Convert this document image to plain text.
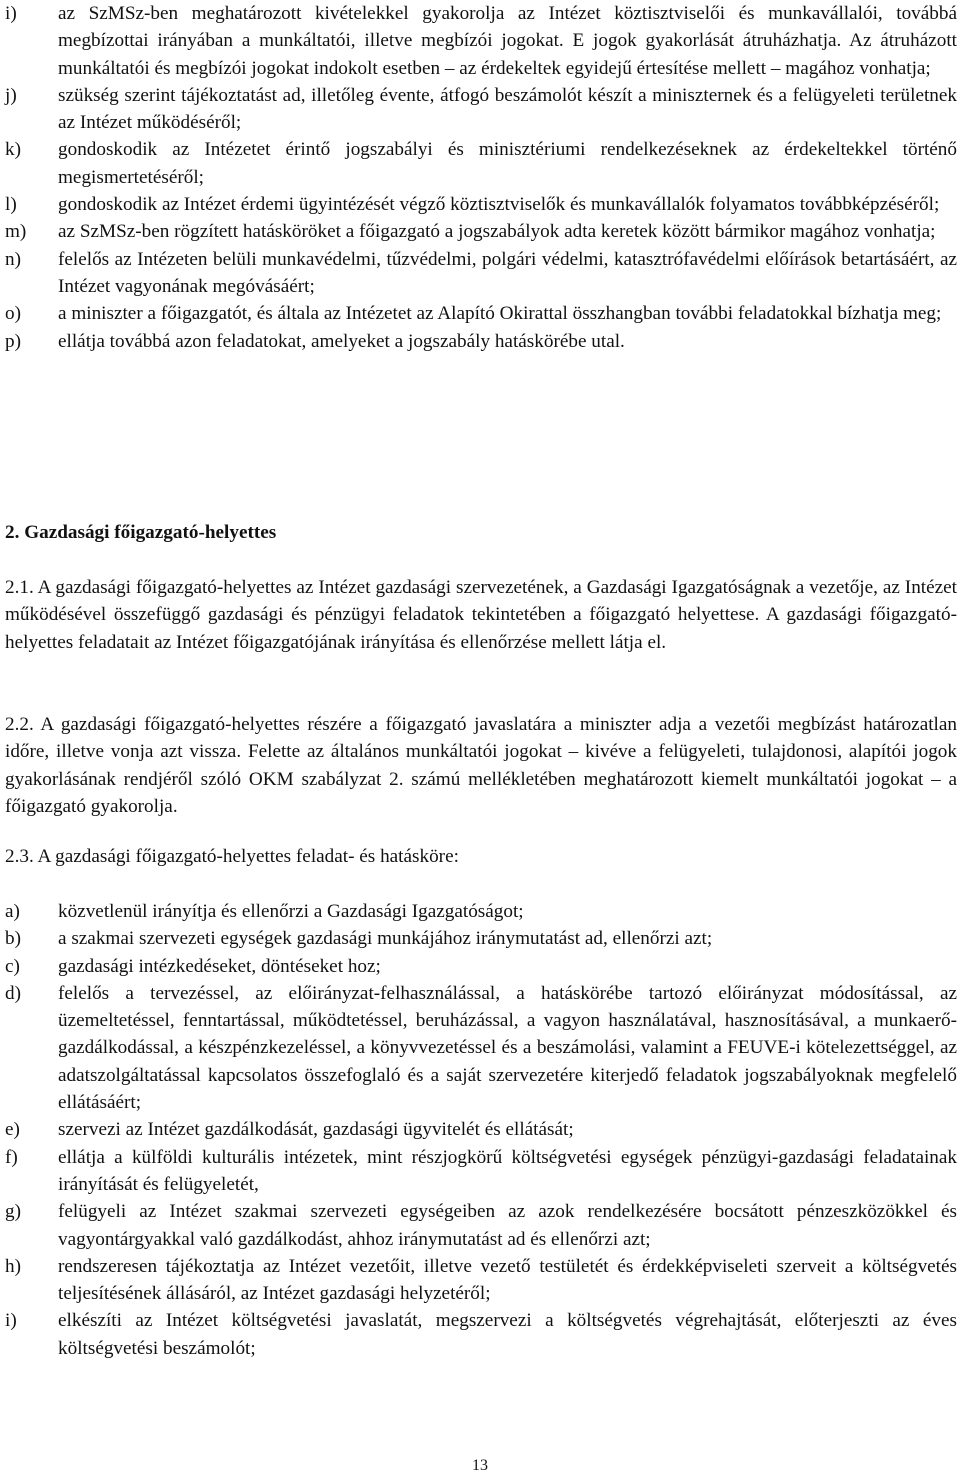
i) az SzMSz-ben meghatározott kivételekkel gyakorolja az Intézet köztisztviselői és munkavállalói, továbbá megbízottai irányában a munkáltatói, illetve megbízói jogokat. E jogok gyakorlását átruházhatja. Az átruházott munkáltatói és megbízói jogokat indokolt esetben – az érdekeltek egyidejű értesítése mellett – magához vonhatja;
j) szükség szerint tájékoztatást ad, illetőleg évente, átfogó beszámolót készít a miniszternek és a felügyeleti területnek az Intézet működéséről;
k) gondoskodik az Intézetet érintő jogszabályi és minisztériumi rendelkezéseknek az érdekeltekkel történő megismertetéséről;
l) gondoskodik az Intézet érdemi ügyintézését végző köztisztviselők és munkavállalók folyamatos továbbképzéséről;
m) az SzMSz-ben rögzített hatásköröket a főigazgató a jogszabályok adta keretek között bármikor magához vonhatja;
n) felelős az Intézeten belüli munkavédelmi, tűzvédelmi, polgári védelmi, katasztrófavédelmi előírások betartásáért, az Intézet vagyonának megóvásáért;
o) a miniszter a főigazgatót, és általa az Intézetet az Alapító Okirattal összhangban további feladatokkal bízhatja meg;
p) ellátja továbbá azon feladatokat, amelyeket a jogszabály hatáskörébe utal.
2. Gazdasági főigazgató-helyettes
2.1. A gazdasági főigazgató-helyettes az Intézet gazdasági szervezetének, a Gazdasági Igazgatóságnak a vezetője, az Intézet működésével összefüggő gazdasági és pénzügyi feladatok tekintetében a főigazgató helyettese. A gazdasági főigazgató-helyettes feladatait az Intézet főigazgatójának irányítása és ellenőrzése mellett látja el.
2.2. A gazdasági főigazgató-helyettes részére a főigazgató javaslatára a miniszter adja a vezetői megbízást határozatlan időre, illetve vonja azt vissza. Felette az általános munkáltatói jogokat – kivéve a felügyeleti, tulajdonosi, alapítói jogok gyakorlásának rendjéről szóló OKM szabályzat 2. számú mellékletében meghatározott kiemelt munkáltatói jogokat – a főigazgató gyakorolja.
2.3. A gazdasági főigazgató-helyettes feladat- és hatásköre:
a) közvetlenül irányítja és ellenőrzi a Gazdasági Igazgatóságot;
b) a szakmai szervezeti egységek gazdasági munkájához iránymutatást ad, ellenőrzi azt;
c) gazdasági intézkedéseket, döntéseket hoz;
d) felelős a tervezéssel, az előirányzat-felhasználással, a hatáskörébe tartozó előirányzat módosítással, az üzemeltetéssel, fenntartással, működtetéssel, beruházással, a vagyon használatával, hasznosításával, a munkaerő-gazdálkodással, a készpénzkezeléssel, a könyvvezetéssel és a beszámolási, valamint a FEUVE-i kötelezettséggel, az adatszolgáltatással kapcsolatos összefoglaló és a saját szervezetére kiterjedő feladatok jogszabályoknak megfelelő ellátásáért;
e) szervezi az Intézet gazdálkodását, gazdasági ügyvitelét és ellátását;
f) ellátja a külföldi kulturális intézetek, mint részjogkörű költségvetési egységek pénzügyi-gazdasági feladatainak irányítását és felügyeletét,
g) felügyeli az Intézet szakmai szervezeti egységeiben az azok rendelkezésére bocsátott pénzeszközökkel és vagyontárgyakkal való gazdálkodást, ahhoz iránymutatást ad és ellenőrzi azt;
h) rendszeresen tájékoztatja az Intézet vezetőit, illetve vezető testületét és érdekképviseleti szerveit a költségvetés teljesítésének állásáról, az Intézet gazdasági helyzetéről;
i) elkészíti az Intézet költségvetési javaslatát, megszervezi a költségvetés végrehajtását, előterjeszti az éves költségvetési beszámolót;
13
